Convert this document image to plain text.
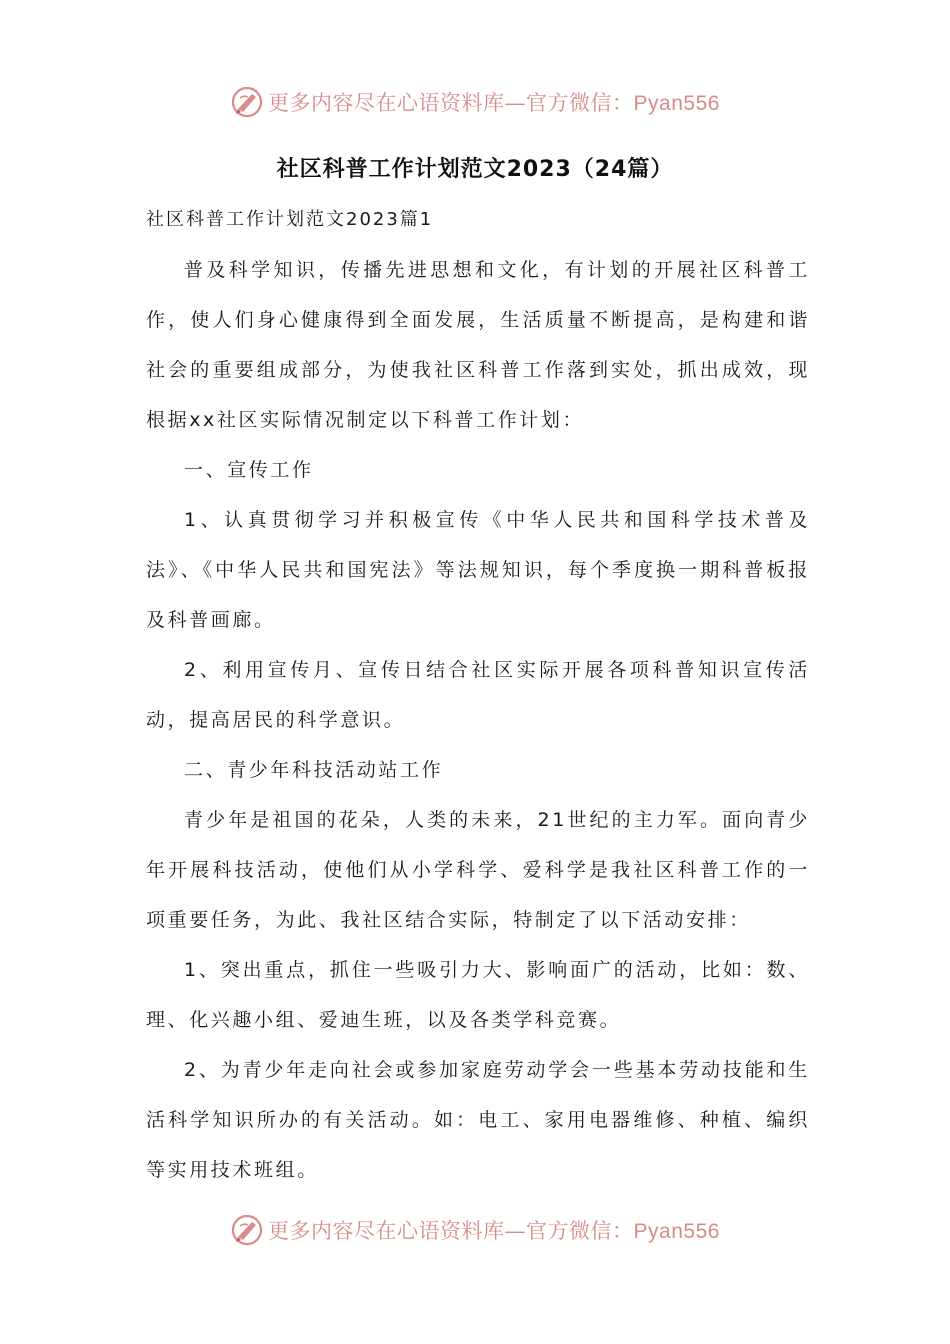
更多内容尽在心语资料库—官方微信：Pyan556
社区科普工作计划范文2023（24篇）

社区科普工作计划范文2023篇1

普及科学知识，传播先进思想和文化，有计划的开展社区科普工作，使人们身心健康得到全面发展，生活质量不断提高，是构建和谐社会的重要组成部分，为使我社区科普工作落到实处，抓出成效，现根据xx社区实际情况制定以下科普工作计划：

一、宣传工作

1、认真贯彻学习并积极宣传《中华人民共和国科学技术普及法》、《中华人民共和国宪法》等法规知识，每个季度换一期科普板报及科普画廊。

2、利用宣传月、宣传日结合社区实际开展各项科普知识宣传活动，提高居民的科学意识。

二、青少年科技活动站工作

青少年是祖国的花朵，人类的未来，21世纪的主力军。面向青少年开展科技活动，使他们从小学科学、爱科学是我社区科普工作的一项重要任务，为此、我社区结合实际，特制定了以下活动安排：

1、突出重点，抓住一些吸引力大、影响面广的活动，比如：数、理、化兴趣小组、爱迪生班，以及各类学科竞赛。

2、为青少年走向社会或参加家庭劳动学会一些基本劳动技能和生活科学知识所办的有关活动。如：电工、家用电器维修、种植、编织等实用技术班组。

更多内容尽在心语资料库—官方微信：Pyan556
